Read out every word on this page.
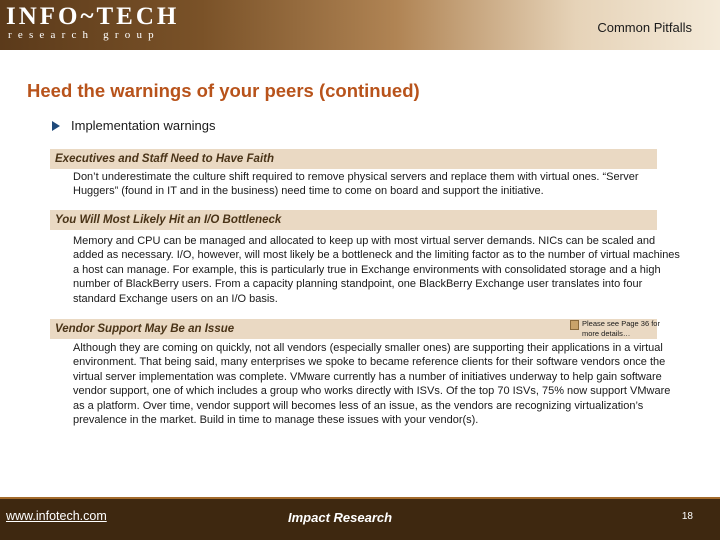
INFO~TECH
research group	Common Pitfalls
Heed the warnings of your peers (continued)
Implementation warnings
Executives and Staff Need to Have Faith

Don’t underestimate the culture shift required to remove physical servers and replace them with virtual ones. “Server Huggers” (found in IT and in the business) need time to come on board and support the initiative.

You Will Most Likely Hit an I/O Bottleneck

Memory and CPU can be managed and allocated to keep up with most virtual server demands. NICs can be scaled and added as necessary. I/O, however, will most likely be a bottleneck and the limiting factor as to the number of virtual machines a host can manage. For example, this is particularly true in Exchange environments with consolidated storage and a high number of BlackBerry users. From a capacity planning standpoint, one BlackBerry Exchange user translates into four standard Exchange users on an I/O basis.

Vendor Support May Be an Issue	Please see Page 36 for more details…

Although they are coming on quickly, not all vendors (especially smaller ones) are supporting their applications in a virtual environment. That being said, many enterprises we spoke to became reference clients for their software vendors once the virtual server implementation was complete. VMware currently has a number of initiatives underway to help gain software vendor support, one of which includes a group who works directly with ISVs. Of the top 70 ISVs, 75% now support VMware as a platform. Over time, vendor support will becomes less of an issue, as the vendors are recognizing virtualization’s prevalence in the market. Build in time to manage these issues with your vendor(s).

www.infotech.com	Impact Research	18
